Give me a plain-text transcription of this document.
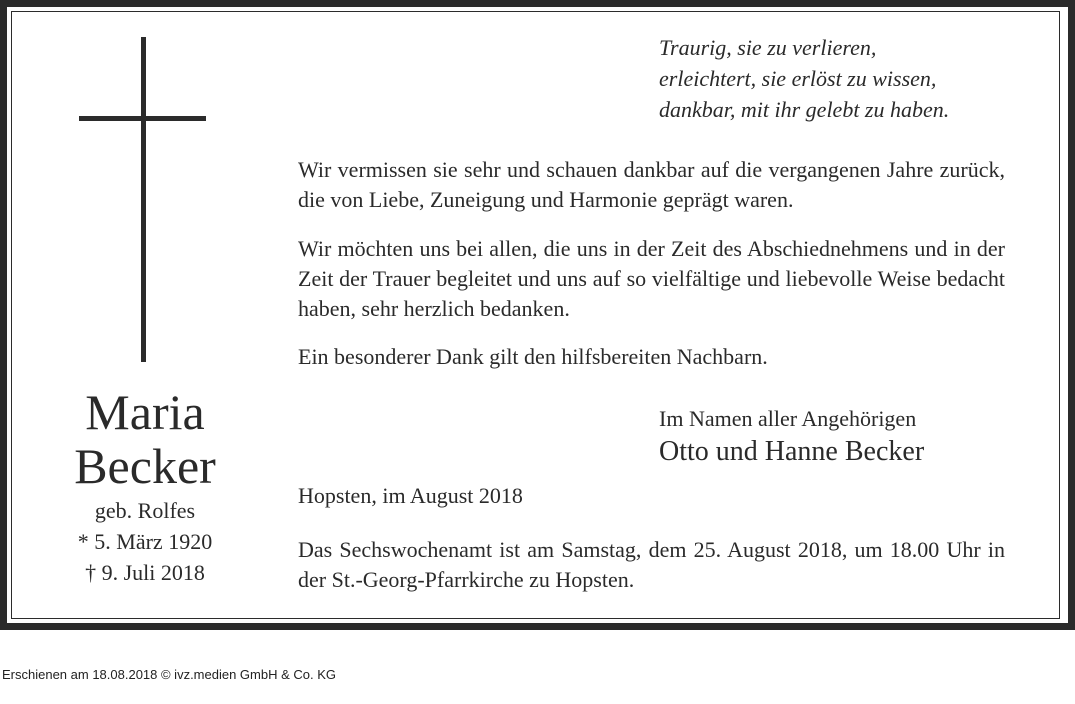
Maria
Becker
geb. Rolfes
* 5. März 1920
† 9. Juli 2018
Traurig, sie zu verlieren,
erleichtert, sie erlöst zu wissen,
dankbar, mit ihr gelebt zu haben.
Wir vermissen sie sehr und schauen dankbar auf die vergangenen Jahre zurück, die von Liebe, Zuneigung und Harmonie geprägt waren.
Wir möchten uns bei allen, die uns in der Zeit des Abschiednehmens und in der Zeit der Trauer begleitet und uns auf so vielfältige und liebevolle Weise bedacht haben, sehr herzlich bedanken.
Ein besonderer Dank gilt den hilfsbereiten Nachbarn.
Im Namen aller Angehörigen
Otto und Hanne Becker
Hopsten, im August 2018
Das Sechswochenamt ist am Samstag, dem 25. August 2018, um 18.00 Uhr in der St.-Georg-Pfarrkirche zu Hopsten.
Erschienen am 18.08.2018 © ivz.medien GmbH & Co. KG
